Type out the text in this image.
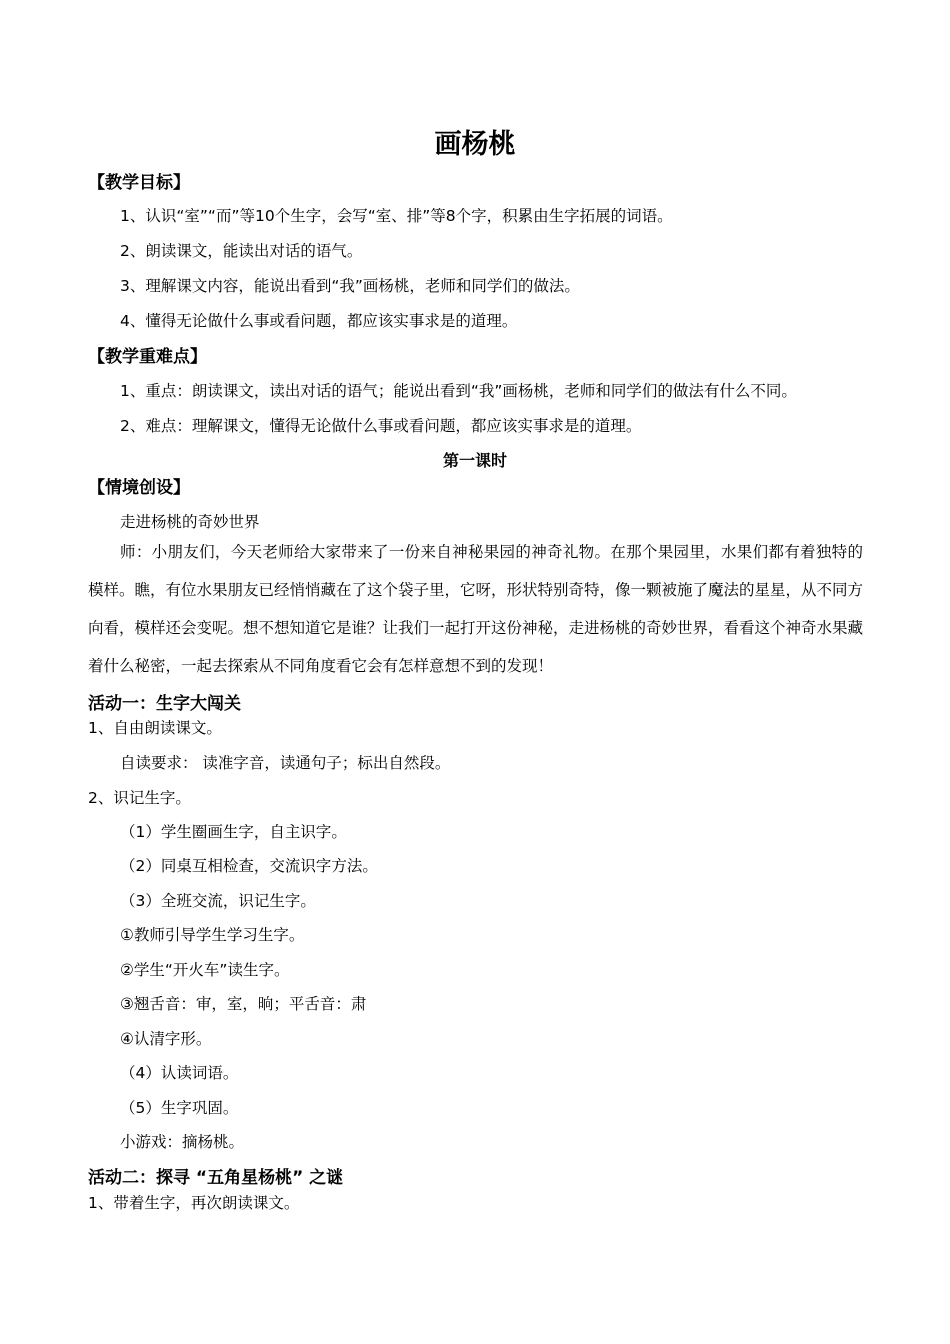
画杨桃
【教学目标】
1、认识“室”“而”等10个生字，会写“室、排”等8个字，积累由生字拓展的词语。
2、朗读课文，能读出对话的语气。
3、理解课文内容，能说出看到“我”画杨桃，老师和同学们的做法。
4、懂得无论做什么事或看问题，都应该实事求是的道理。
【教学重难点】
1、重点：朗读课文，读出对话的语气；能说出看到“我”画杨桃，老师和同学们的做法有什么不同。
2、难点：理解课文，懂得无论做什么事或看问题，都应该实事求是的道理。
第一课时
【情境创设】
走进杨桃的奇妙世界
师：小朋友们，今天老师给大家带来了一份来自神秘果园的神奇礼物。在那个果园里，水果们都有着独特的模样。瞧，有位水果朋友已经悄悄藏在了这个袋子里，它呀，形状特别奇特，像一颗被施了魔法的星星，从不同方向看，模样还会变呢。想不想知道它是谁？让我们一起打开这份神秘，走进杨桃的奇妙世界，看看这个神奇水果藏着什么秘密，一起去探索从不同角度看它会有怎样意想不到的发现！
活动一：生字大闯关
1、自由朗读课文。
自读要求： 读准字音，读通句子；标出自然段。
2、识记生字。
（1）学生圈画生字，自主识字。
（2）同桌互相检查，交流识字方法。
（3）全班交流，识记生字。
①教师引导学生学习生字。
②学生“开火车”读生字。
③翘舌音：审，室，晌；平舌音：肃
④认清字形。
（4）认读词语。
（5）生字巩固。
小游戏：摘杨桃。
活动二：探寻 “五角星杨桃” 之谜
1、带着生字，再次朗读课文。
